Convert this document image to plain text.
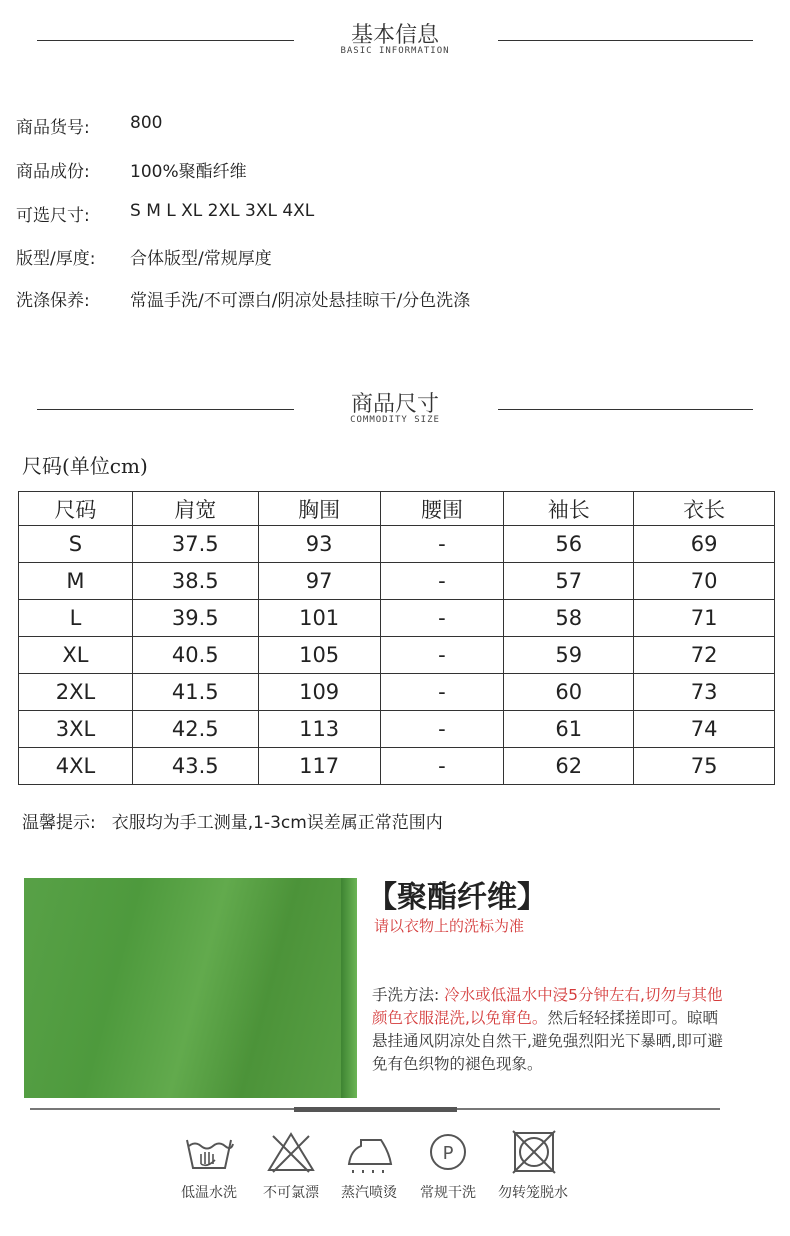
基本信息
BASIC INFORMATION
商品货号:	800
商品成份:	100%聚酯纤维
可选尺寸:	S M L XL 2XL 3XL 4XL
版型/厚度:	合体版型/常规厚度
洗涤保养:	常温手洗/不可漂白/阴凉处悬挂晾干/分色洗涤
商品尺寸
COMMODITY SIZE
尺码(单位cm)
尺码	肩宽	胸围	腰围	袖长	衣长
S	37.5	93	-	56	69
M	38.5	97	-	57	70
L	39.5	101	-	58	71
XL	40.5	105	-	59	72
2XL	41.5	109	-	60	73
3XL	42.5	113	-	61	74
4XL	43.5	117	-	62	75
温馨提示: 衣服均为手工测量,1-3cm误差属正常范围内
【聚酯纤维】
请以衣物上的洗标为准
手洗方法: 冷水或低温水中浸5分钟左右,切勿与其他颜色衣服混洗,以免窜色。然后轻轻揉搓即可。晾晒悬挂通风阴凉处自然干,避免强烈阳光下暴晒,即可避免有色织物的褪色现象。
低温水洗	不可氯漂	蒸汽喷烫
P
常规干洗	勿转笼脱水
